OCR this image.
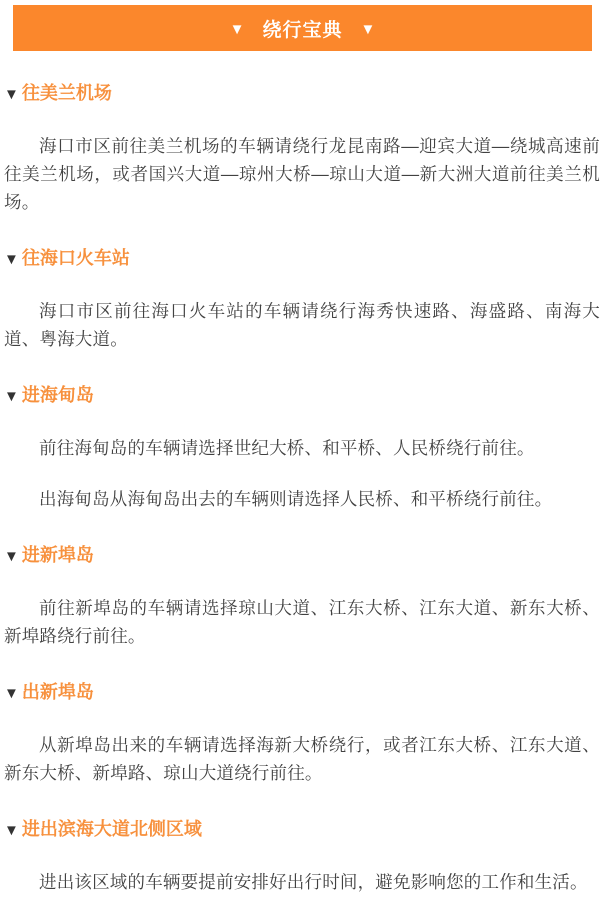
▼ 绕行宝典 ▼
▼ 往美兰机场

海口市区前往美兰机场的车辆请绕行龙昆南路—迎宾大道—绕城高速前往美兰机场，或者国兴大道—琼州大桥—琼山大道—新大洲大道前往美兰机场。

▼ 往海口火车站

海口市区前往海口火车站的车辆请绕行海秀快速路、海盛路、南海大道、粤海大道。

▼ 进海甸岛

前往海甸岛的车辆请选择世纪大桥、和平桥、人民桥绕行前往。

出海甸岛从海甸岛出去的车辆则请选择人民桥、和平桥绕行前往。

▼ 进新埠岛

前往新埠岛的车辆请选择琼山大道、江东大桥、江东大道、新东大桥、新埠路绕行前往。

▼ 出新埠岛

从新埠岛出来的车辆请选择海新大桥绕行，或者江东大桥、江东大道、新东大桥、新埠路、琼山大道绕行前往。

▼ 进出滨海大道北侧区域

进出该区域的车辆要提前安排好出行时间，避免影响您的工作和生活。
